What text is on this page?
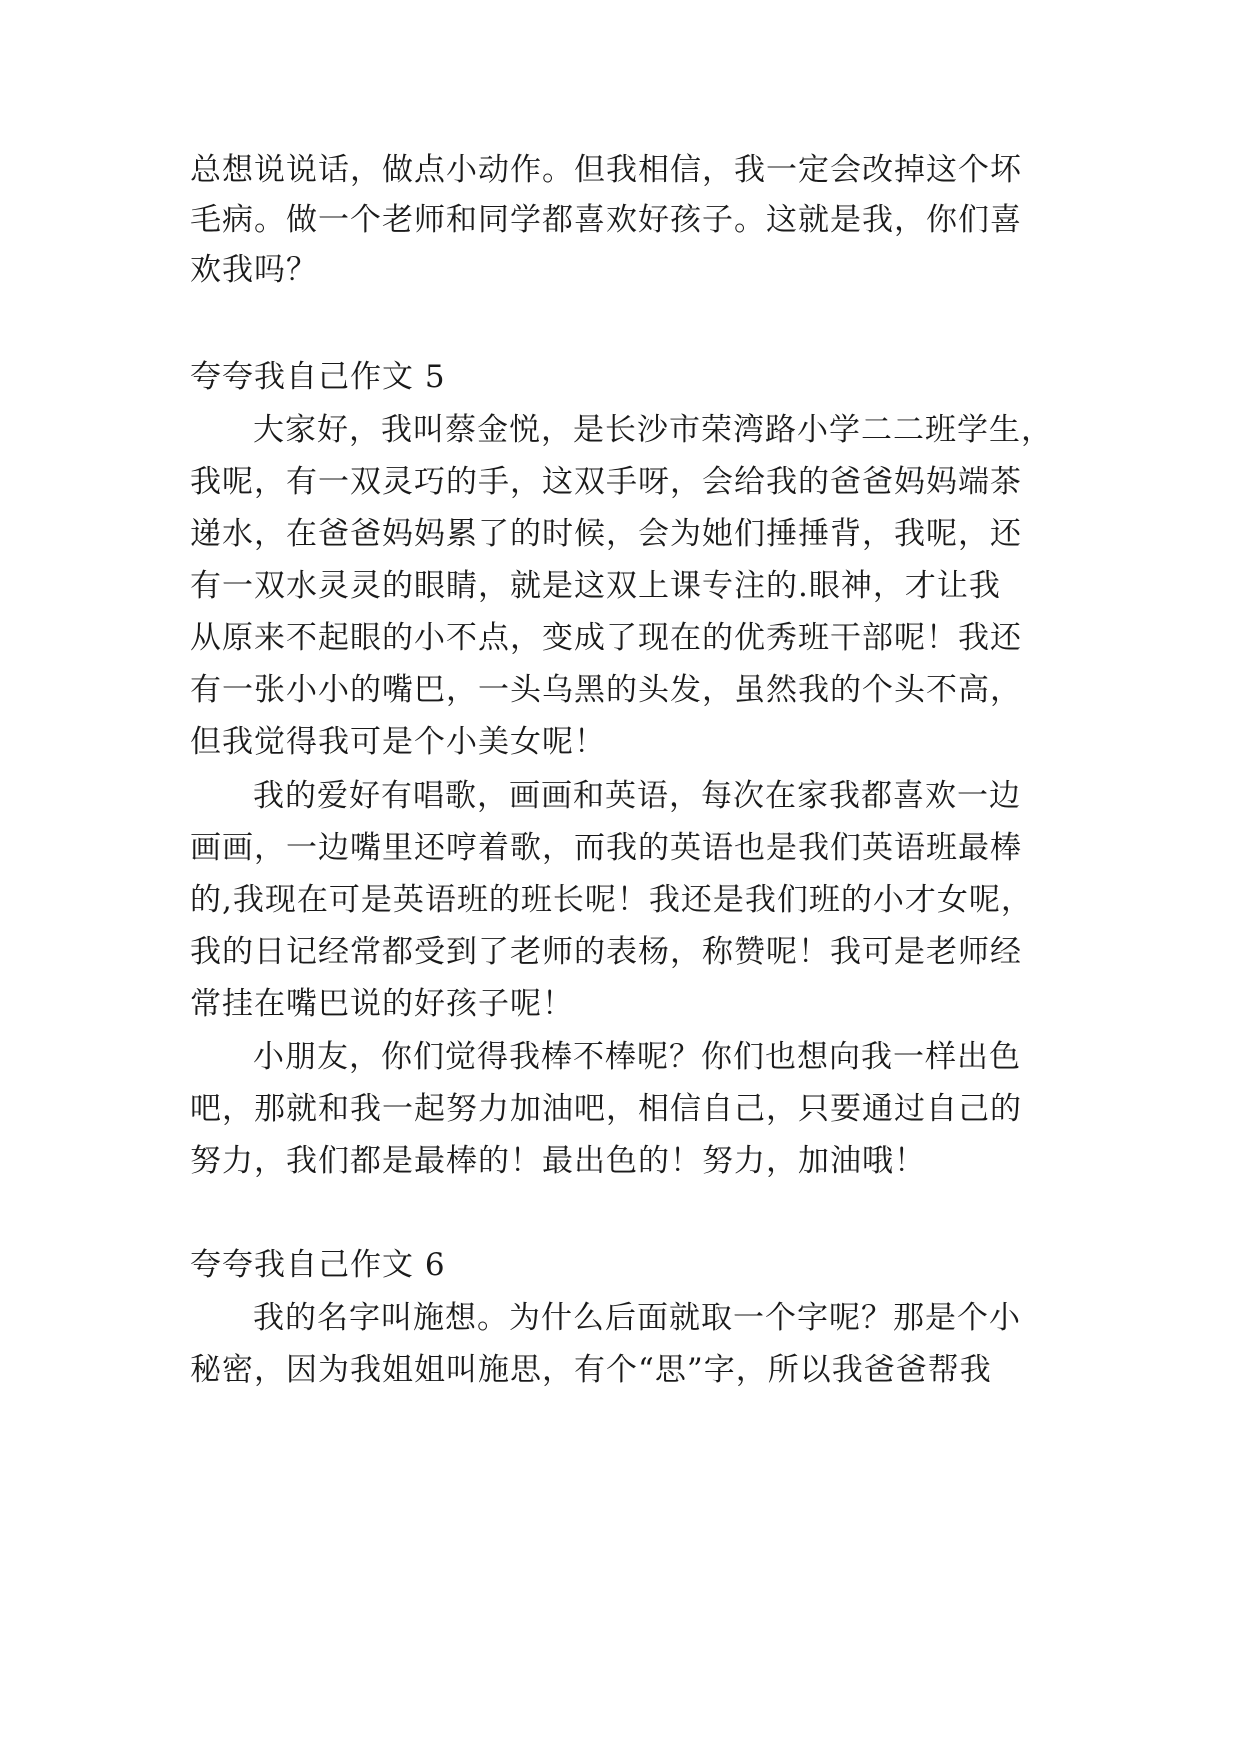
总想说说话，做点小动作。但我相信，我一定会改掉这个坏
毛病。做一个老师和同学都喜欢好孩子。这就是我，你们喜
欢我吗？
夸夸我自己作文 5
大家好，我叫蔡金悦，是长沙市荣湾路小学二二班学生，
我呢，有一双灵巧的手，这双手呀，会给我的爸爸妈妈端茶
递水，在爸爸妈妈累了的时候，会为她们捶捶背，我呢，还
有一双水灵灵的眼睛，就是这双上课专注的.眼神，才让我
从原来不起眼的小不点，变成了现在的优秀班干部呢！我还
有一张小小的嘴巴，一头乌黑的头发，虽然我的个头不高，
但我觉得我可是个小美女呢！
我的爱好有唱歌，画画和英语，每次在家我都喜欢一边
画画，一边嘴里还哼着歌，而我的英语也是我们英语班最棒
的,我现在可是英语班的班长呢！我还是我们班的小才女呢，
我的日记经常都受到了老师的表杨，称赞呢！我可是老师经
常挂在嘴巴说的好孩子呢！
小朋友，你们觉得我棒不棒呢？你们也想向我一样出色
吧，那就和我一起努力加油吧，相信自己，只要通过自己的
努力，我们都是最棒的！最出色的！努力，加油哦！
夸夸我自己作文 6
我的名字叫施想。为什么后面就取一个字呢？那是个小
秘密，因为我姐姐叫施思，有个“思”字，所以我爸爸帮我
